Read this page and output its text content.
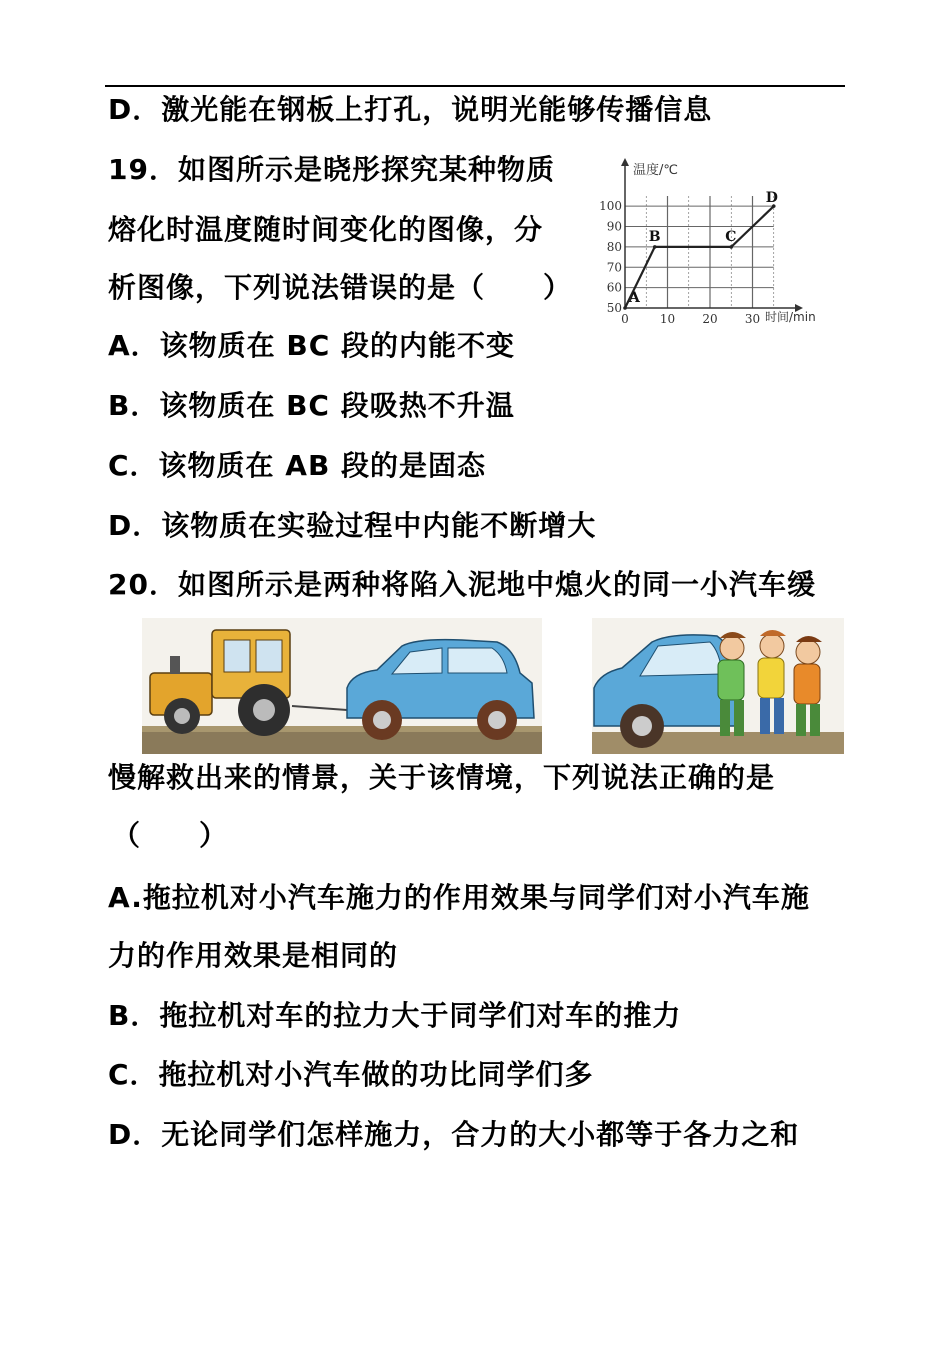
D．激光能在钢板上打孔，说明光能够传播信息
19．如图所示是晓彤探究某种物质
熔化时温度随时间变化的图像，分
析图像，下列说法错误的是（　　）
50
60
70
80
90
100
0	10 20 30
A
B	C
D
温度/℃
时间/min
A．该物质在 BC 段的内能不变
B．该物质在 BC 段吸热不升温
C．该物质在 AB 段的是固态
D．该物质在实验过程中内能不断增大
20．如图所示是两种将陷入泥地中熄火的同一小汽车缓
慢解救出来的情景，关于该情境，下列说法正确的是
（　　）
A.拖拉机对小汽车施力的作用效果与同学们对小汽车施
力的作用效果是相同的
B．拖拉机对车的拉力大于同学们对车的推力
C．拖拉机对小汽车做的功比同学们多
D．无论同学们怎样施力，合力的大小都等于各力之和
